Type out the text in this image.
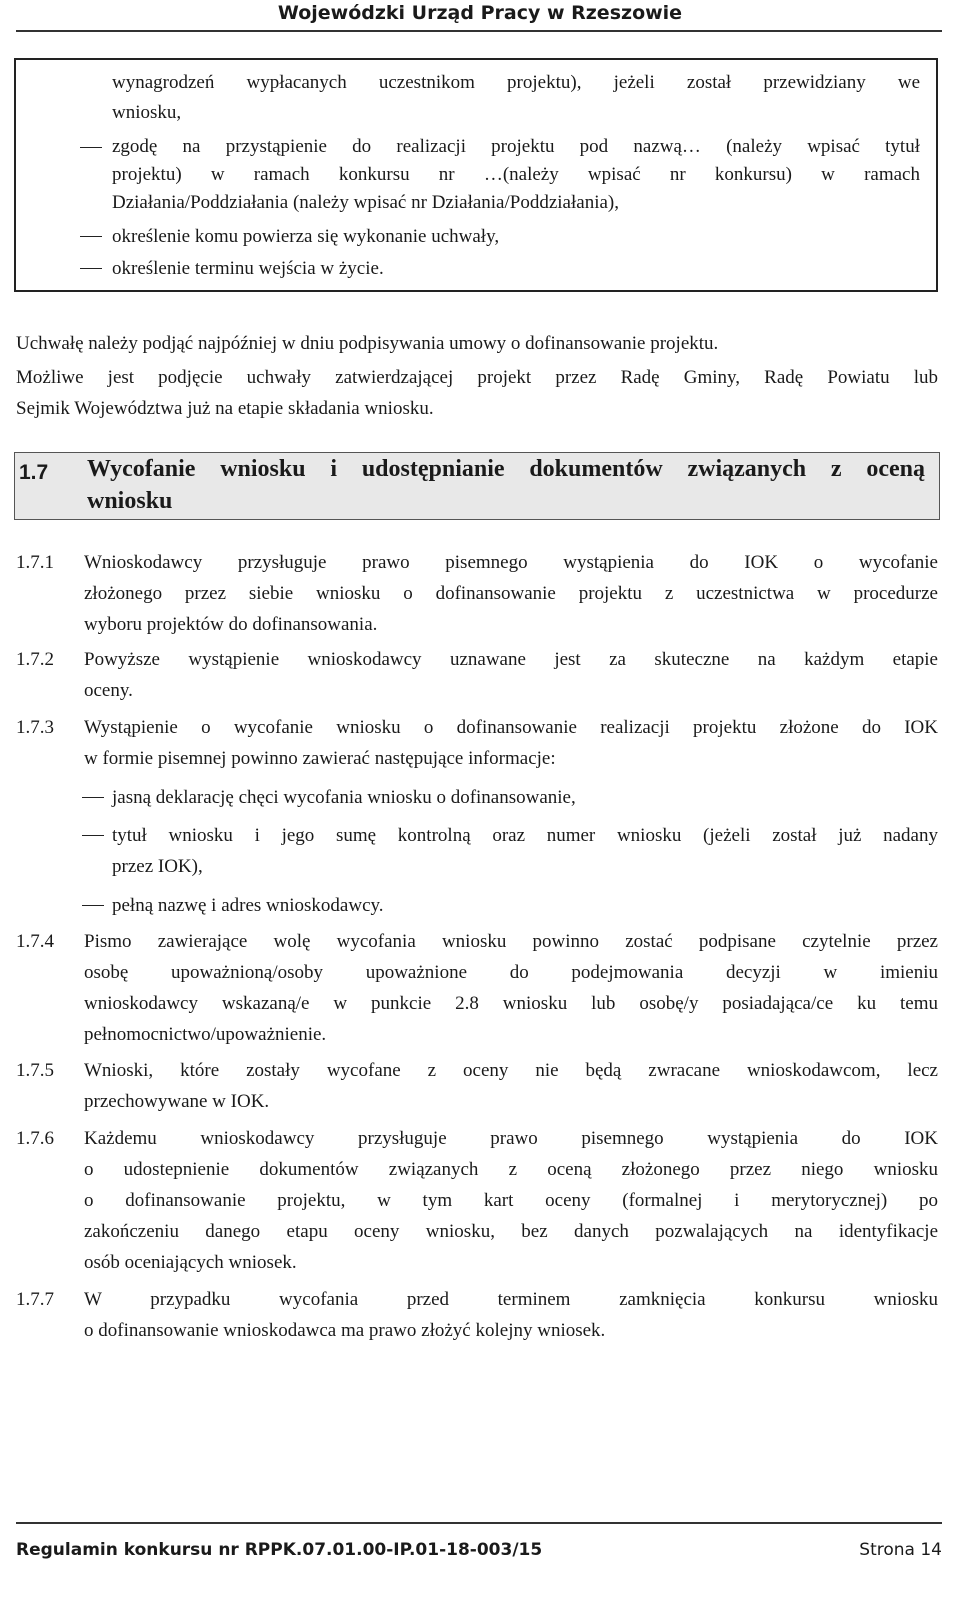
Wojewódzki Urząd Pracy w Rzeszowie
wynagrodzeń wypłacanych uczestnikom projektu), jeżeli został przewidziany we
wniosku,
zgodę na przystąpienie do realizacji projektu pod nazwą… (należy wpisać tytuł
projektu) w ramach konkursu nr …(należy wpisać nr konkursu) w ramach
Działania/Poddziałania (należy wpisać nr Działania/Poddziałania),
określenie komu powierza się wykonanie uchwały,
określenie terminu wejścia w życie.
Uchwałę należy podjąć najpóźniej w dniu podpisywania umowy o dofinansowanie projektu.
Możliwe jest podjęcie uchwały zatwierdzającej projekt przez Radę Gminy, Radę Powiatu lub
Sejmik Województwa już na etapie składania wniosku.
1.7 Wycofanie wniosku i udostępnianie dokumentów związanych z oceną
wniosku
1.7.1 Wnioskodawcy przysługuje prawo pisemnego wystąpienia do IOK o wycofanie
złożonego przez siebie wniosku o dofinansowanie projektu z uczestnictwa w procedurze
wyboru projektów do dofinansowania.
1.7.2 Powyższe wystąpienie wnioskodawcy uznawane jest za skuteczne na każdym etapie
oceny.
1.7.3 Wystąpienie o wycofanie wniosku o dofinansowanie realizacji projektu złożone do IOK
w formie pisemnej powinno zawierać następujące informacje:
jasną deklarację chęci wycofania wniosku o dofinansowanie,
tytuł wniosku i jego sumę kontrolną oraz numer wniosku (jeżeli został już nadany
przez IOK),
pełną nazwę i adres wnioskodawcy.
1.7.4 Pismo zawierające wolę wycofania wniosku powinno zostać podpisane czytelnie przez
osobę upoważnioną/osoby upoważnione do podejmowania decyzji w imieniu
wnioskodawcy wskazaną/e w punkcie 2.8 wniosku lub osobę/y posiadająca/ce ku temu
pełnomocnictwo/upoważnienie.
1.7.5 Wnioski, które zostały wycofane z oceny nie będą zwracane wnioskodawcom, lecz
przechowywane w IOK.
1.7.6 Każdemu wnioskodawcy przysługuje prawo pisemnego wystąpienia do IOK
o udostepnienie dokumentów związanych z oceną złożonego przez niego wniosku
o dofinansowanie projektu, w tym kart oceny (formalnej i merytorycznej) po
zakończeniu danego etapu oceny wniosku, bez danych pozwalających na identyfikacje
osób oceniających wniosek.
1.7.7 W przypadku wycofania przed terminem zamknięcia konkursu wniosku
o dofinansowanie wnioskodawca ma prawo złożyć kolejny wniosek.
Regulamin konkursu nr RPPK.07.01.00-IP.01-18-003/15	Strona 14
